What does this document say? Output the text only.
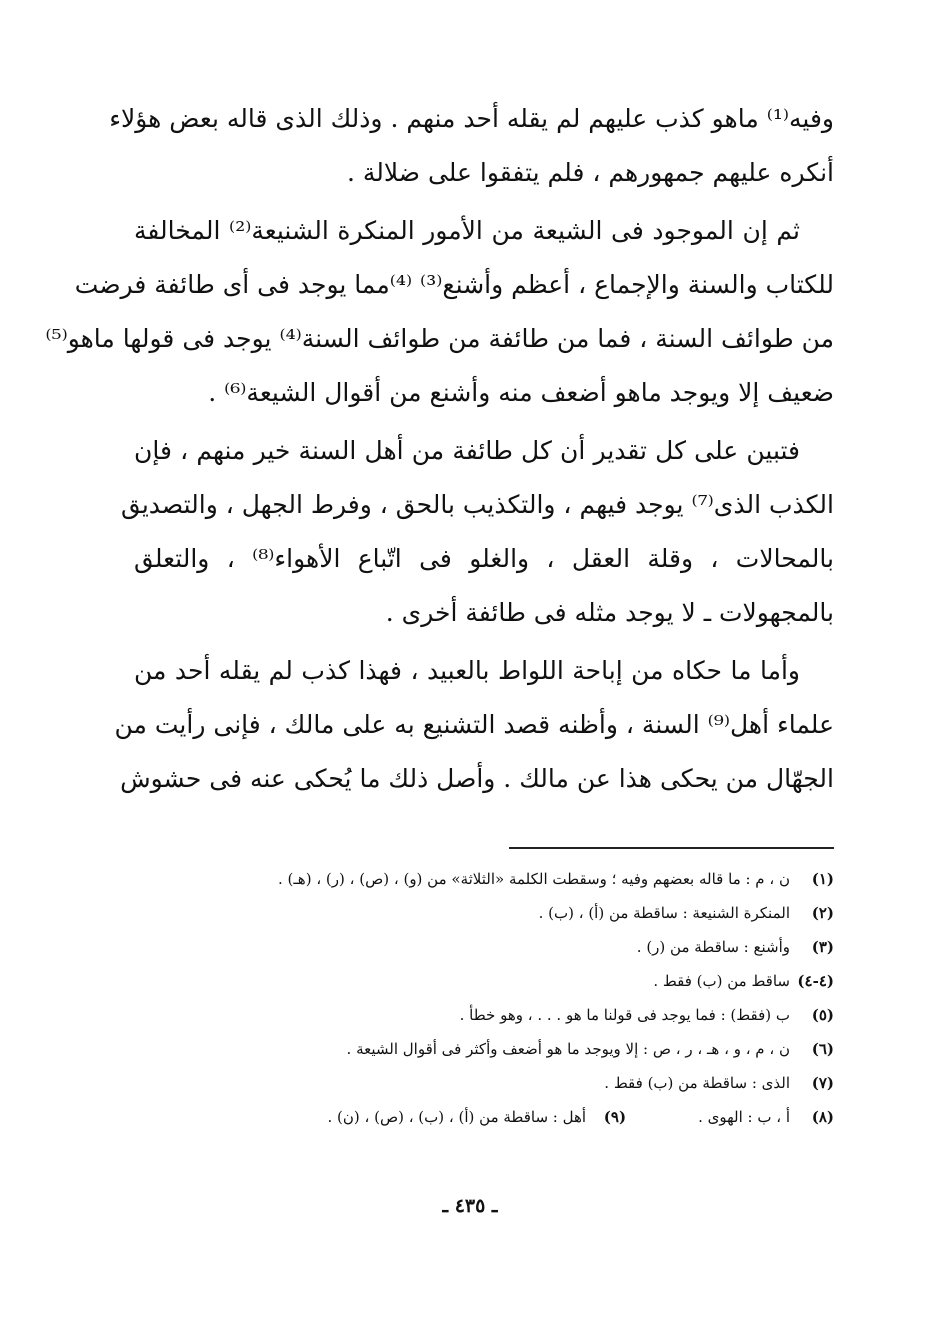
وفيه⁽¹⁾ ماهو كذب عليهم لم يقله أحد منهم . وذلك الذى قاله بعض هؤلاء
أنكره عليهم جمهورهم ، فلم يتفقوا على ضلالة .
ثم إن الموجود فى الشيعة من الأمور المنكرة الشنيعة⁽²⁾ المخالفة
للكتاب والسنة والإجماع ، أعظم وأشنع⁽³⁾ ⁽⁴⁾مما يوجد فى أى طائفة فرضت
من طوائف السنة ، فما من طائفة من طوائف السنة⁽⁴⁾ يوجد فى قولها ماهو⁽⁵⁾
ضعيف إلا ويوجد ماهو أضعف منه وأشنع من أقوال الشيعة⁽⁶⁾ .
فتبين على كل تقدير أن كل طائفة من أهل السنة خير منهم ، فإن
الكذب الذى⁽⁷⁾ يوجد فيهم ، والتكذيب بالحق ، وفرط الجهل ، والتصديق
بالمحالات ، وقلة العقل ، والغلو فى اتّباع الأهواء⁽⁸⁾ ، والتعلق
بالمجهولات ـ لا يوجد مثله فى طائفة أخرى .
وأما ما حكاه من إباحة اللواط بالعبيد ، فهذا كذب لم يقله أحد من
علماء أهل⁽⁹⁾ السنة ، وأظنه قصد التشنيع به على مالك ، فإنى رأيت من
الجهّال من يحكى هذا عن مالك . وأصل ذلك ما يُحكى عنه فى حشوش
(١)
ن ، م : ما قاله بعضهم وفيه ؛ وسقطت الكلمة «الثلاثة» من (و) ، (ص) ، (ر) ، (هـ) .
(٢)
المنكرة الشنيعة : ساقطة من (أ) ، (ب) .
(٣)
وأشنع : ساقطة من (ر) .
(٤-٤)
ساقط من (ب) فقط .
(٥)
ب (فقط) : فما يوجد فى قولنا ما هو . . . ، وهو خطأ .
(٦)
ن ، م ، و ، هـ ، ر ، ص : إلا ويوجد ما هو أضعف وأكثر فى أقوال الشيعة .
(٧)
الذى : ساقطة من (ب) فقط .
(٨)
أ ، ب : الهوى .
(٩)
أهل : ساقطة من (أ) ، (ب) ، (ص) ، (ن) .
ـ ٤٣٥ ـ
